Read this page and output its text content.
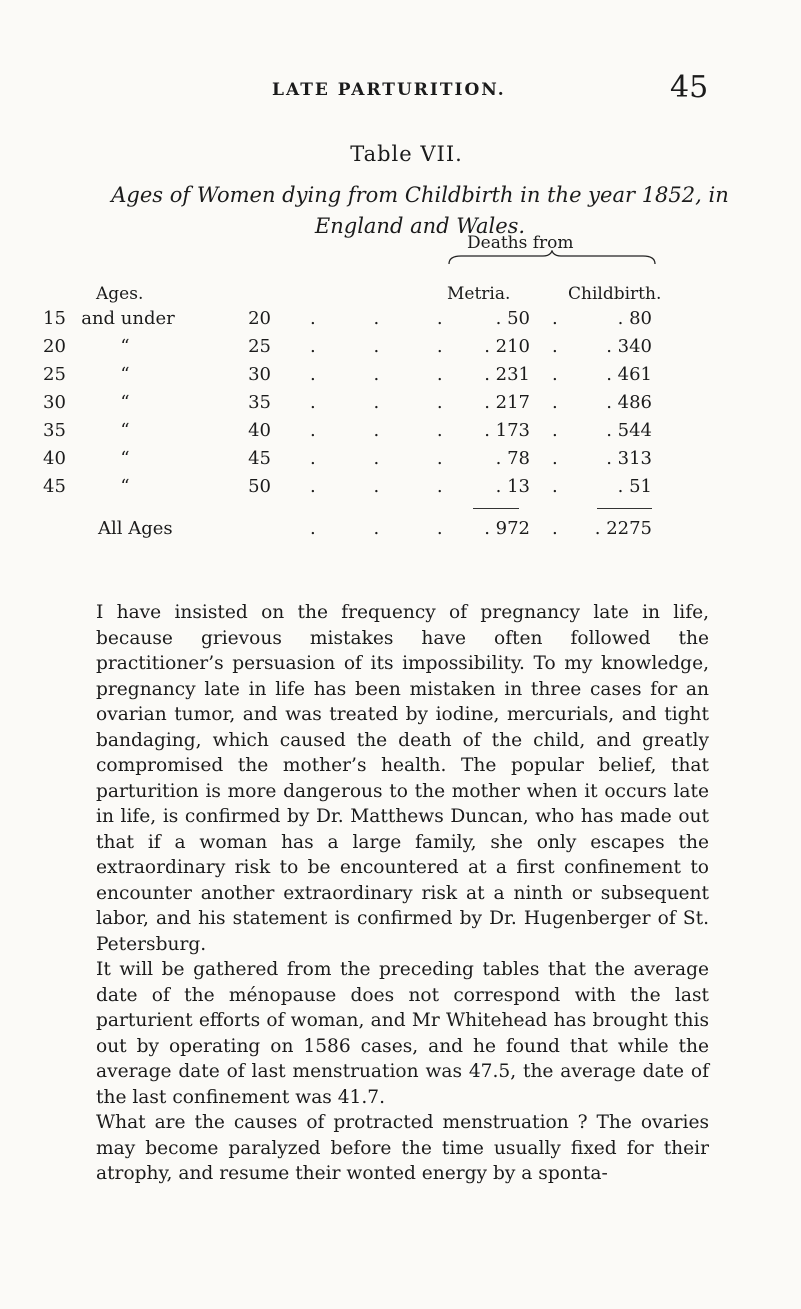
LATE PARTURITION.	45
Table VII.
Ages of Women dying from Childbirth in the year 1852, in England and Wales.
Deaths from
Ages.	Metria.	Childbirth.
15 and under	20 . . .	. 50 .	. 80
20	“	25 . . . . 210 .	. 340
25	“	30 . . . . 231 .	. 461
30	“	35 . . . . 217 .	. 486
35	“	40 . . . . 173 .	. 544
40	“	45 . . .	. 78 .	. 313
45	“	50 . . .	. 13 .	. 51
All Ages	. . . . 972 .	. 2275

I have insisted on the frequency of pregnancy late in life, because grievous mistakes have often followed the practitioner’s persuasion of its impossibility. To my knowledge, pregnancy late in life has been mistaken in three cases for an ovarian tumor, and was treated by iodine, mercurials, and tight bandaging, which caused the death of the child, and greatly compromised the mother’s health. The popular belief, that parturition is more dangerous to the mother when it occurs late in life, is confirmed by Dr. Matthews Duncan, who has made out that if a woman has a large family, she only escapes the extraordinary risk to be encountered at a first confinement to encounter another extraordinary risk at a ninth or subsequent labor, and his statement is confirmed by Dr. Hugenberger of St. Petersburg.

It will be gathered from the preceding tables that the average date of the ménopause does not correspond with the last parturient efforts of woman, and Mr Whitehead has brought this out by operating on 1586 cases, and he found that while the average date of last menstruation was 47.5, the average date of the last confinement was 41.7.

What are the causes of protracted menstruation ? The ovaries may become paralyzed before the time usually fixed for their atrophy, and resume their wonted energy by a sponta-
